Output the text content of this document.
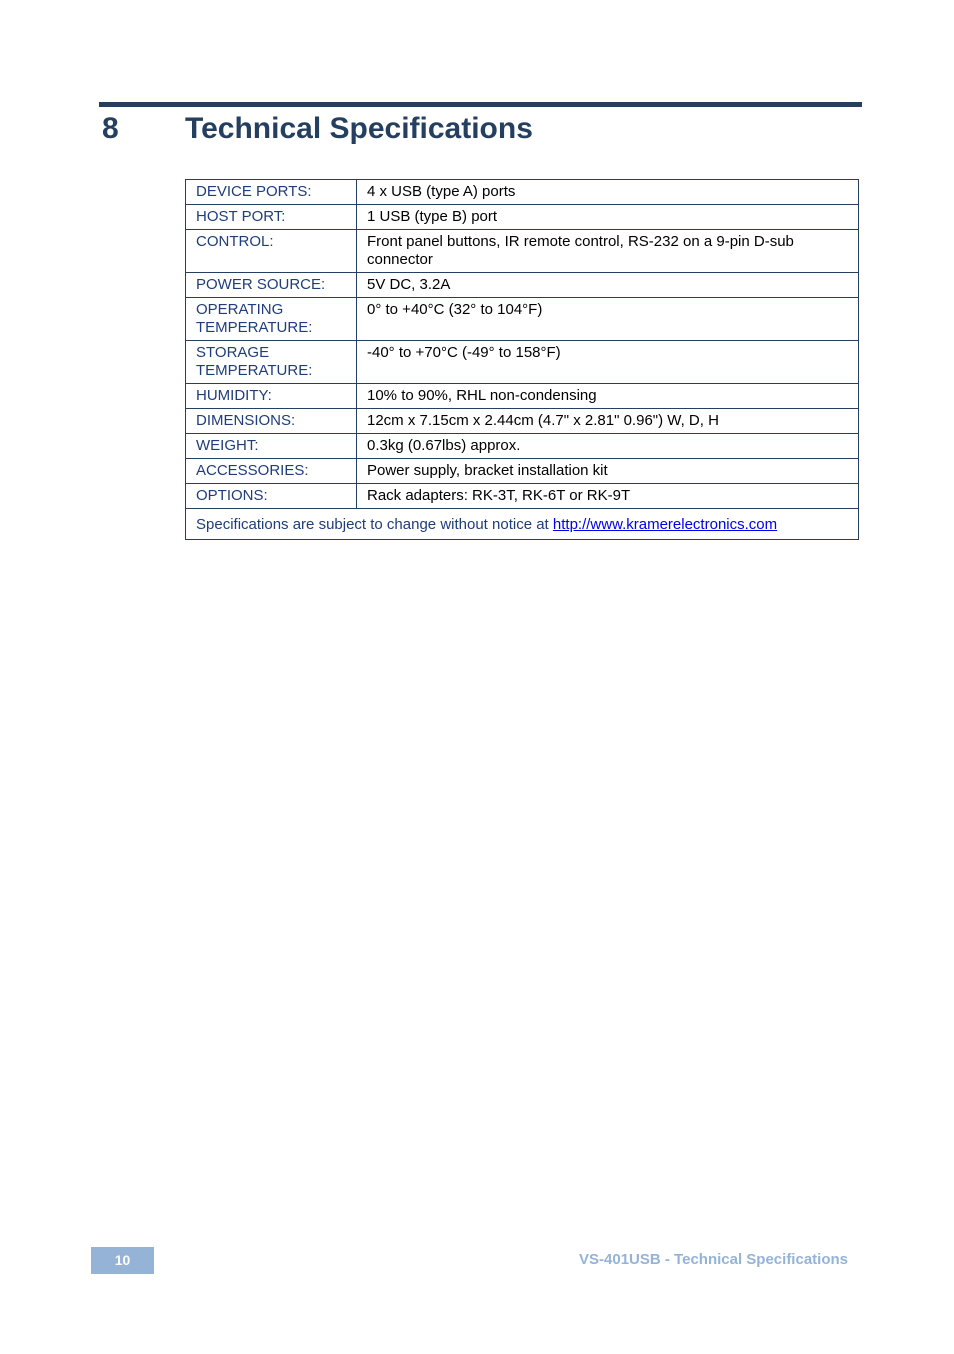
8 Technical Specifications
DEVICE PORTS:	4 x USB (type A) ports
HOST PORT:	1 USB (type B) port
CONTROL:	Front panel buttons, IR remote control, RS-232 on a 9-pin D-sub connector
POWER SOURCE:	5V DC, 3.2A
OPERATING TEMPERATURE:	0° to +40°C (32° to 104°F)
STORAGE TEMPERATURE:	-40° to +70°C (-49° to 158°F)
HUMIDITY:	10% to 90%, RHL non-condensing
DIMENSIONS:	12cm x 7.15cm x 2.44cm (4.7" x 2.81" 0.96") W, D, H
WEIGHT:	0.3kg (0.67lbs) approx.
ACCESSORIES:	Power supply, bracket installation kit
OPTIONS:	Rack adapters: RK-3T, RK-6T or RK-9T
Specifications are subject to change without notice at http://www.kramerelectronics.com	
10	VS-401USB - Technical Specifications
